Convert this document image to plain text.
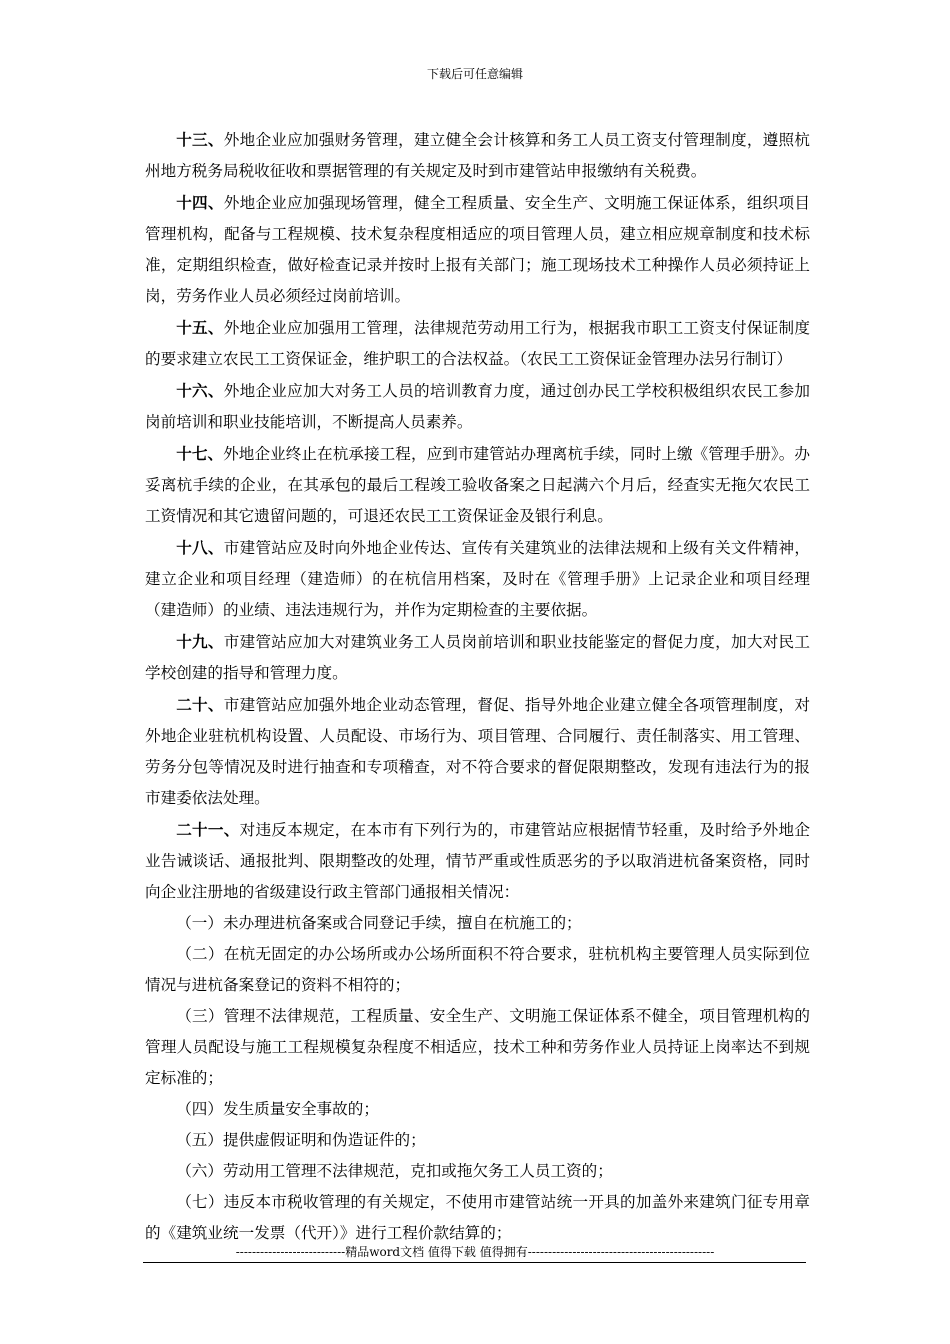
下载后可任意编辑

十三、外地企业应加强财务管理，建立健全会计核算和务工人员工资支付管理制度，遵照杭州地方税务局税收征收和票据管理的有关规定及时到市建管站申报缴纳有关税费。

十四、外地企业应加强现场管理，健全工程质量、安全生产、文明施工保证体系，组织项目管理机构，配备与工程规模、技术复杂程度相适应的项目管理人员，建立相应规章制度和技术标准，定期组织检查，做好检查记录并按时上报有关部门；施工现场技术工种操作人员必须持证上岗，劳务作业人员必须经过岗前培训。

十五、外地企业应加强用工管理，法律规范劳动用工行为，根据我市职工工资支付保证制度的要求建立农民工工资保证金，维护职工的合法权益。（农民工工资保证金管理办法另行制订）

十六、外地企业应加大对务工人员的培训教育力度，通过创办民工学校积极组织农民工参加岗前培训和职业技能培训，不断提高人员素养。

十七、外地企业终止在杭承接工程，应到市建管站办理离杭手续，同时上缴《管理手册》。办妥离杭手续的企业，在其承包的最后工程竣工验收备案之日起满六个月后，经查实无拖欠农民工工资情况和其它遗留问题的，可退还农民工工资保证金及银行利息。

十八、市建管站应及时向外地企业传达、宣传有关建筑业的法律法规和上级有关文件精神，建立企业和项目经理（建造师）的在杭信用档案，及时在《管理手册》上记录企业和项目经理（建造师）的业绩、违法违规行为，并作为定期检查的主要依据。

十九、市建管站应加大对建筑业务工人员岗前培训和职业技能鉴定的督促力度，加大对民工学校创建的指导和管理力度。

二十、市建管站应加强外地企业动态管理，督促、指导外地企业建立健全各项管理制度，对外地企业驻杭机构设置、人员配设、市场行为、项目管理、合同履行、责任制落实、用工管理、劳务分包等情况及时进行抽查和专项稽查，对不符合要求的督促限期整改，发现有违法行为的报市建委依法处理。

二十一、对违反本规定，在本市有下列行为的，市建管站应根据情节轻重，及时给予外地企业告诫谈话、通报批判、限期整改的处理，情节严重或性质恶劣的予以取消进杭备案资格，同时向企业注册地的省级建设行政主管部门通报相关情况：

（一）未办理进杭备案或合同登记手续，擅自在杭施工的；

（二）在杭无固定的办公场所或办公场所面积不符合要求，驻杭机构主要管理人员实际到位情况与进杭备案登记的资料不相符的；

（三）管理不法律规范，工程质量、安全生产、文明施工保证体系不健全，项目管理机构的管理人员配设与施工工程规模复杂程度不相适应，技术工种和劳务作业人员持证上岗率达不到规定标准的；

（四）发生质量安全事故的；

（五）提供虚假证明和伪造证件的；

（六）劳动用工管理不法律规范，克扣或拖欠务工人员工资的；

（七）违反本市税收管理的有关规定，不使用市建管站统一开具的加盖外来建筑门征专用章的《建筑业统一发票（代开）》进行工程价款结算的；

---------------------------精品word文档 值得下载 值得拥有----------------------------------------------
